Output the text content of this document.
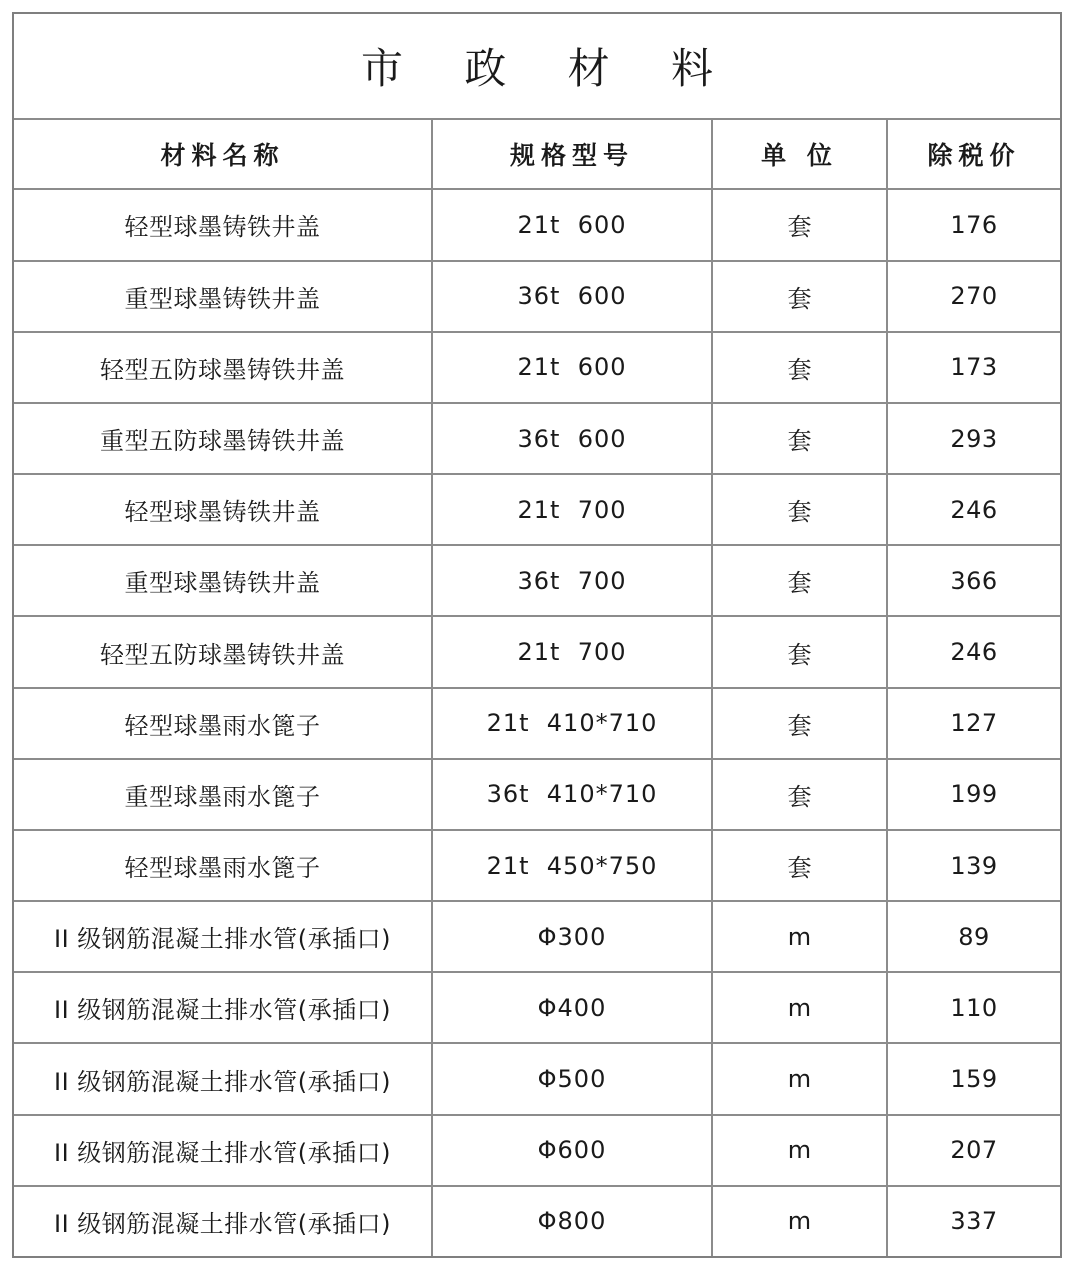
市 政 材 料			
材料名称	规格型号	单 位	除税价
轻型球墨铸铁井盖	21t  600	套	176
重型球墨铸铁井盖	36t  600	套	270
轻型五防球墨铸铁井盖	21t  600	套	173
重型五防球墨铸铁井盖	36t  600	套	293
轻型球墨铸铁井盖	21t  700	套	246
重型球墨铸铁井盖	36t  700	套	366
轻型五防球墨铸铁井盖	21t  700	套	246
轻型球墨雨水篦子	21t  410*710	套	127
重型球墨雨水篦子	36t  410*710	套	199
轻型球墨雨水篦子	21t  450*750	套	139
II 级钢筋混凝土排水管(承插口)	Φ300	m	89
II 级钢筋混凝土排水管(承插口)	Φ400	m	110
II 级钢筋混凝土排水管(承插口)	Φ500	m	159
II 级钢筋混凝土排水管(承插口)	Φ600	m	207
II 级钢筋混凝土排水管(承插口)	Φ800	m	337
